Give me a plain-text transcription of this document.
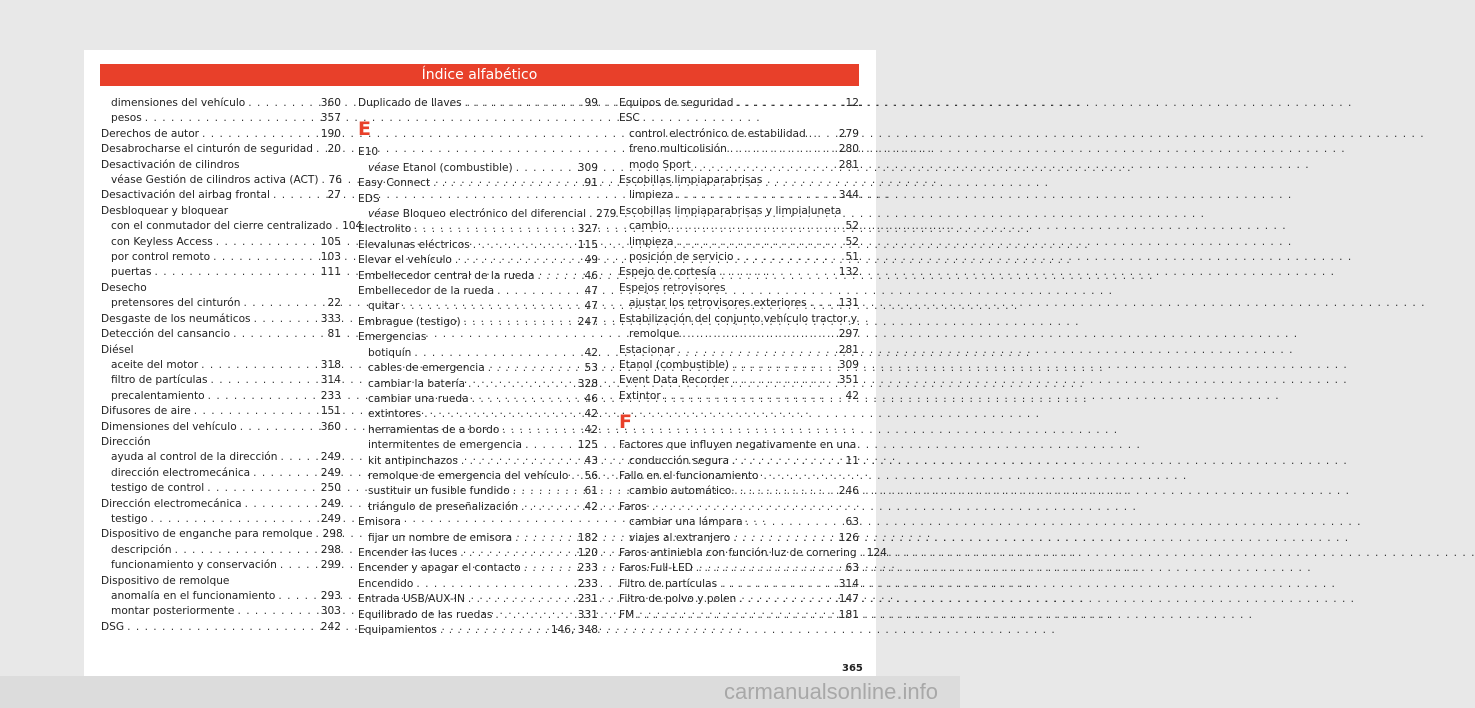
Índice alfabético
dimensiones del vehículo . . .	360
pesos . . .	357
Derechos de autor . . .	190
Desabrocharse el cinturón de seguridad . . . 20
Desactivación de cilindros
véase Gestión de cilindros activa (ACT) . . . 76
Desactivación del airbag frontal . . .	27
Desbloquear y bloquear
con el conmutador del cierre centralizado . . . 104
con Keyless Access . . .	105
por control remoto . . .	103
puertas . . .	111
Desecho
pretensores del cinturón . . .	22
Desgaste de los neumáticos . . .	333
Detección del cansancio . . .	81
Diésel
aceite del motor . . .	318
filtro de partículas . . .	314
precalentamiento . . .	233
Difusores de aire . . .	151
Dimensiones del vehículo . . .	360
Dirección
ayuda al control de la dirección . . .	249
dirección electromecánica . . .	249
testigo de control . . .	250
Dirección electromecánica . . .	249
testigo . . .	249
Dispositivo de enganche para remolque . . . 298
descripción . . .	298
funcionamiento y conservación . . .	299
Dispositivo de remolque
anomalía en el funcionamiento . . .	293
montar posteriormente . . .	303
DSG . . .	242
Duplicado de llaves . . .	99
E
E10
véase Etanol (combustible) . . .	309
Easy Connect . . .	91
EDS
véase Bloqueo electrónico del diferencial . . . 279
Electrolito . . .	327
Elevalunas eléctricos . . .	115
Elevar el vehículo . . .	49
Embellecedor central de la rueda . . .	46
Embellecedor de la rueda . . .	47
quitar . . .	47
Embrague (testigo) . . .	247
Emergencias
botiquín . . .	42
cables de emergencia . . .	53
cambiar la batería . . .	328
cambiar una rueda . . .	46
extintores . . .	42
herramientas de a bordo . . .	42
intermitentes de emergencia . . .	125
kit antipinchazos . . .	43
remolque de emergencia del vehículo . . . 56
sustituir un fusible fundido . . .	61
triángulo de preseñalización . . .	42
Emisora
fijar un nombre de emisora . . .	182
Encender las luces . . .	120
Encender y apagar el contacto . . .	233
Encendido . . .	233
Entrada USB/AUX-IN . . .	231
Equilibrado de las ruedas . . .	331
Equipamientos . . .	146, 348
Equipos de seguridad . . .	12
ESC
control electrónico de estabilidad . . .	279
freno multicolisión . . .	280
modo Sport . . .	281
Escobillas limpiaparabrisas
limpieza . . .	344
Escobillas limpiaparabrisas y limpialuneta
cambio . . .	52
limpieza . . .	52
posición de servicio . . .	51
Espejo de cortesía . . .	132
Espejos retrovisores
ajustar los retrovisores exteriores . . .	131
Estabilización del conjunto vehículo tractor y
remolque . . .	297
Estacionar . . .	281
Etanol (combustible) . . .	309
Event Data Recorder . . .	351
Extintor . . .	42
F
Factores que influyen negativamente en una
conducción segura . . .	11
Fallo en el funcionamiento
cambio automático . . .	246
Faros
cambiar una lámpara . . .	63
viajes al extranjero . . .	126
Faros antiniebla con función luz de cornering . . . 124
Faros Full-LED . . .	63
Filtro de partículas . . .	314
Filtro de polvo y polen . . .	147
FM . . .	181
365
carmanualsonline.info
